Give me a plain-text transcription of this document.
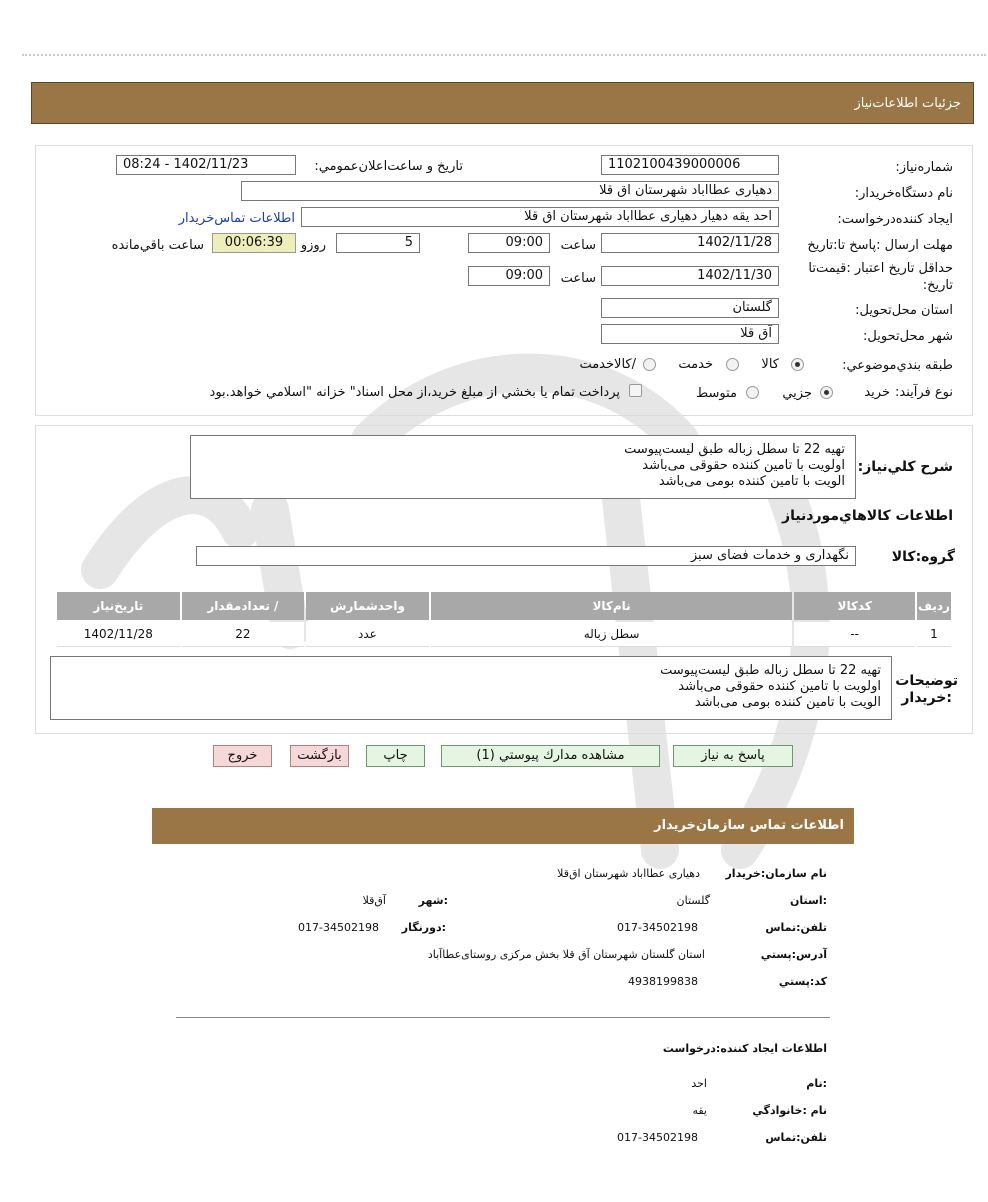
جزئيات اطلاعات‌نياز
شماره‌نياز:
1102100439000006
تاريخ و ساعت‌اعلان‌عمومي:
1402/11/23 - 08:24
نام دستگاه‌خريدار:
دهیاری عطااباد شهرستان اق قلا
ايجاد كننده‌درخواست:
احد یقه دهیار دهیاری عطااباد شهرستان اق قلا
اطلاعات تماس‌خريدار
مهلت ارسال :پاسخ تا:تاريخ
1402/11/28
ساعت
09:00
5
روزو
00:06:39
ساعت باقي‌مانده
حداقل تاريخ اعتبار :قيمت‌تا تاريخ:
1402/11/30
ساعت
09:00
استان محل‌تحويل:
گلستان
شهر محل‌تحويل:
آق قلا
طبقه بندي‌موضوعي:
كالا
خدمت
/كالاخدمت
نوع فرآيند:
خريد
جزيي
متوسط
پرداخت تمام يا بخشي از مبلغ خريد،از محل اسناد" خزانه "اسلامي خواهد.بود
شرح كلي‌نياز:
تهیه 22 تا سطل زباله طبق لیست‌پیوست
اولویت با تامین کننده حقوقی می‌باشد
الویت با تامین کننده بومی می‌باشد
اطلاعات كالاهاي‌موردنياز
گروه:كالا
نگهداری و خدمات فضای سبز
رديف	كدكالا	نام‌كالا	واحدشمارش	/ تعدادمقدار	تاريخ‌نياز
1	--	سطل زباله	عدد	22	1402/11/28
توضيحات
:خريدار
تهیه 22 تا سطل زباله طبق لیست‌پیوست
اولویت با تامین کننده حقوقی می‌باشد
الویت با تامین کننده بومی می‌باشد
پاسخ به نياز
مشاهده مدارك پيوستي (1)
چاپ
بازگشت
خروج
اطلاعات تماس سازمان‌خريدار
نام سازمان:خريدار
دهیاری عطااباد شهرستان اق‌قلا
:استان
گلستان
:شهر
آق‌قلا
تلفن:تماس
017-34502198
:دورنگار
017-34502198
آدرس:پستي
استان گلستان شهرستان آق قلا بخش مرکزی روستای‌عطاآباد
كد:پستي
4938199838
اطلاعات ايجاد كننده:درخواست
:نام
احد
نام :خانوادگي
یقه
تلفن:تماس
017-34502198
